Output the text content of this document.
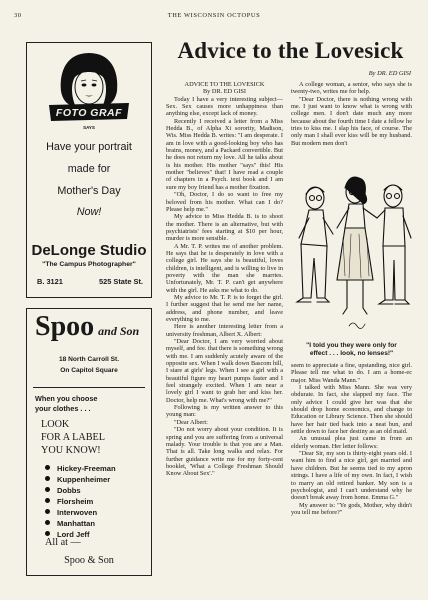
30	THE WISCONSIN OCTOPUS
FOTO GRAF
SAYS
Have your portrait
made for
Mother's Day
Now!
DeLonge Studio
"The Campus Photographer"
B. 3121	525 State St.
Spoo and Son
18 North Carroll St.
On Capitol Square
When you choose
your clothes . . .
LOOK
FOR A LABEL
YOU KNOW!
Hickey-Freeman
Kuppenheimer
Dobbs
Florsheim
Interwoven
Manhattan
Lord Jeff
All at —
Spoo & Son
Advice to the Lovesick
By DR. ED GISI

ADVICE TO THE LOVESICK

By DR. ED GISI

Today I have a very interesting subject—Sex. Sex causes more unhappiness than anything else, except lack of money.

Recently I received a letter from a Miss Hedda B., of Alpha Xi sorority, Madison, Wis. Miss Hedda B. writes: "I am desperate. I am in love with a good-looking boy who has brains, money, and a Packard convertible. But he does not return my love. All he talks about is his mother. His mother "says" this! His mother "believes" that! I have read a couple of chapters in a Psych. text book and I am sure my boy friend has a mother fixation.

"Oh, Doctor, I do so want to free my beloved from his mother. What can I do? Please help me."

My advice to Miss Hedda B. is to shoot the mother. There is an alternative, but with psychiatrists' fees starting at $10 per hour, murder is more sensible.

A Mr. T. P. writes me of another problem. He says that he is desperately in love with a college girl. He says she is beautiful, loves children, is intelligent, and is willing to live in poverty with the man she marries. Unfortunately, Mr. T. P. can't get anywhere with the girl. He asks me what to do.

My advice to Mr. T. P. is to forget the girl. I further suggest that he send me her name, address, and phone number, and leave everything to me.

Here is another interesting letter from a university freshman, Albert X. Albert:

"Dear Doctor, I am very worried about myself, and fee. that there is something wrong with me. I am suddenly acutely aware of the opposite sex. When I walk down Bascom hill, I stare at girls' legs. When I see a girl with a beautiful figure my heart pumps faster and I feel strangely excited. When I am near a lovely girl I want to grab her and kiss her. Doctor, help me. What's wrong with me?"

Following is my written answer to this young man:

"Dear Albert:

"Do not worry about your condition. It is spring and you are suffering from a universal malady. Your trouble is that you are a Man. That is all. Take long walks and relax. For further guidance write me for my forty-cent booklet, 'What a College Freshman Should Know About Sex'."

A college woman, a senior, who says she is twenty-two, writes me for help.

"Dear Doctor, there is nothing wrong with me. I just want to know what is wrong with college men. I don't date much any more because about the fourth time I date a fellow he tries to kiss me. I slap his face, of course. The only man I shall ever kiss will be my husband. But modern men don't

"I told you they were only for
effect . . . look, no lenses!"

seem to appreciate a fine, upstanding, nice girl. Please tell me what to do. I am a home-ec major. Miss Wanda Mann."

I talked with Miss Mann. She was very obdurate. In fact, she slapped my face. The only advice I could give her was that she should drop home economics, and change to Education or Library Science. Then she should have her hair tied back into a neat bun, and settle down to face her destiny as an old maid.

An unusual plea just came in from an elderly woman. Her letter follows:

"Dear Sir, my son is thirty-eight years old. I want him to find a nice girl, get married and have children. But he seems tied to my apron strings. I have a life of my own. In fact, I wish to marry an old retired banker. My son is a psychologist, and I can't understand why he doesn't break away from home. Emma G."

My answer is: "Ye gods, Mother, why didn't you tell me before?"
